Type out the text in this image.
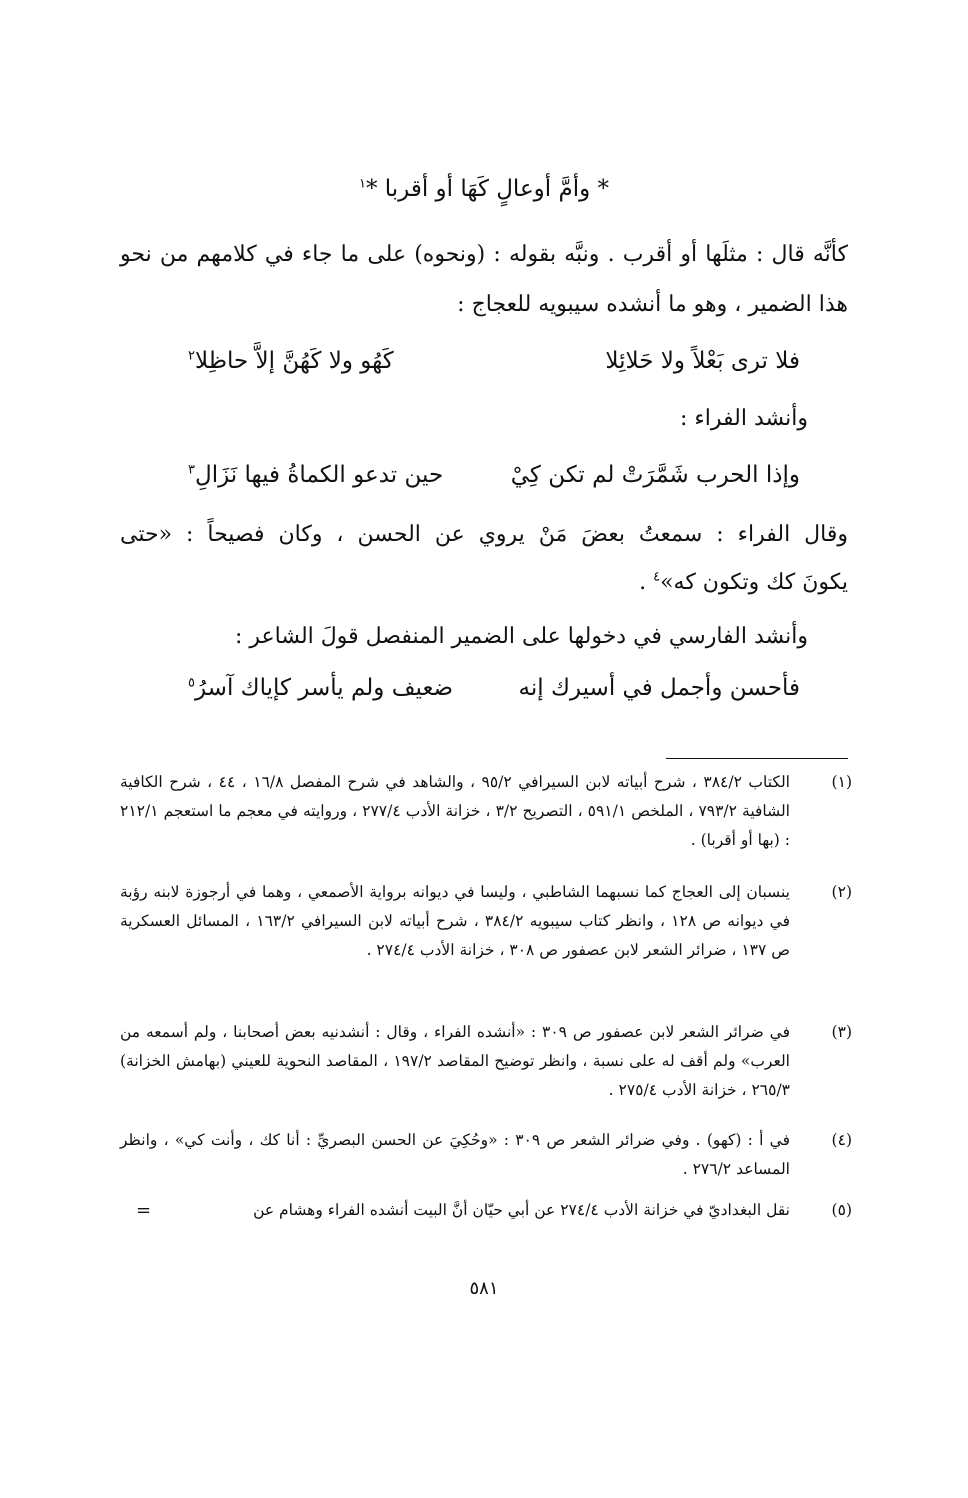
* وأمَّ أوعالٍ كَهَا أو أقربا *$^١$
كأنَّه قال : مثلَها أو أقرب . ونبَّه بقوله : (ونحوه) على ما جاء في كلامهم من نحو
هذا الضمير ، وهو ما أنشده سيبويه للعجاج :
فلا ترى بَعْلاً ولا حَلائِلا
كَهُو ولا كَهُنَّ إلاَّ حاظِلا$^٢$
وأنشد الفراء :
وإذا الحرب شَمَّرَتْ لم تكن كِيْ
حين تدعو الكماةُ فيها نَزَالِ$^٣$
وقال الفراء : سمعتُ بعضَ مَنْ يروي عن الحسن ، وكان فصيحاً : «حتى
يكونَ كك وتكون كه»$^٤$ .
وأنشد الفارسي في دخولها على الضمير المنفصل قولَ الشاعر :
فأحسن وأجمل في أسيرك إنه
ضعيف ولم يأسر كإياك آسرُ$^٥$
(١)
الكتاب ٣٨٤/٢ ، شرح أبياته لابن السيرافي ٩٥/٢ ، والشاهد في شرح المفصل ١٦/٨ ، ٤٤ ، شرح الكافية الشافية ٧٩٣/٢ ، الملخص ٥٩١/١ ، التصريح ٣/٢ ، خزانة الأدب ٢٧٧/٤ ، وروايته في معجم ما استعجم ٢١٢/١ : (بها أو أقربا) .
(٢)
ينسبان إلى العجاج كما نسبهما الشاطبي ، وليسا في ديوانه برواية الأصمعي ، وهما في أرجوزة لابنه رؤبة في ديوانه ص ١٢٨ ، وانظر كتاب سيبويه ٣٨٤/٢ ، شرح أبياته لابن السيرافي ١٦٣/٢ ، المسائل العسكرية ص ١٣٧ ، ضرائر الشعر لابن عصفور ص ٣٠٨ ، خزانة الأدب ٢٧٤/٤ .
(٣)
في ضرائر الشعر لابن عصفور ص ٣٠٩ : «أنشده الفراء ، وقال : أنشدنيه بعض أصحابنا ، ولم أسمعه من العرب» ولم أقف له على نسبة ، وانظر توضيح المقاصد ١٩٧/٢ ، المقاصد النحوية للعيني (بهامش الخزانة) ٢٦٥/٣ ، خزانة الأدب ٢٧٥/٤ .
(٤)
في أ : (كهو) . وفي ضرائر الشعر ص ٣٠٩ : «وحُكِيَ عن الحسن البصريِّ : أنا كك ، وأنت كي» ، وانظر المساعد ٢٧٦/٢ .
(٥)
نقل البغداديّ في خزانة الأدب ٢٧٤/٤ عن أبي حيّان أنَّ البيت أنشده الفراء وهشام عن
=
٥٨١
